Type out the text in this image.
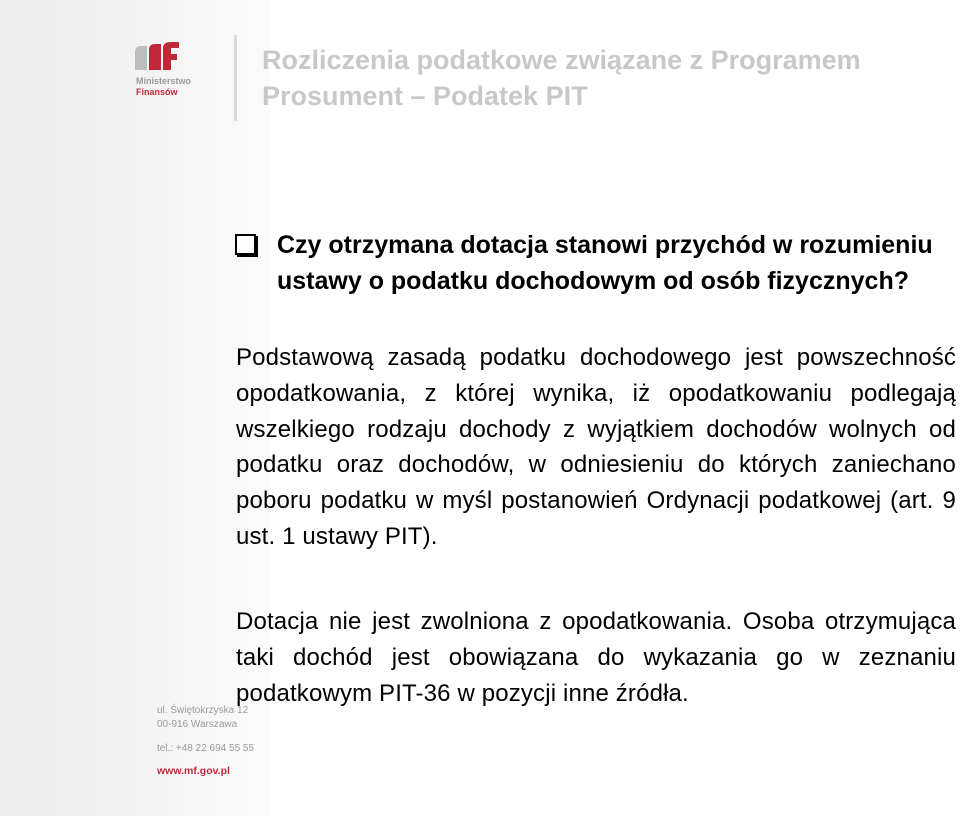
Ministerstwo
Finansów
Rozliczenia podatkowe związane z Programem Prosument – Podatek PIT
Czy otrzymana dotacja stanowi przychód w rozumieniu ustawy o podatku dochodowym od osób fizycznych?

Podstawową zasadą podatku dochodowego jest powszechność opodatkowania, z której wynika, iż opodatkowaniu podlegają wszelkiego rodzaju dochody z wyjątkiem dochodów wolnych od podatku oraz dochodów, w odniesieniu do których zaniechano poboru podatku w myśl postanowień Ordynacji podatkowej (art. 9 ust. 1 ustawy PIT).

Dotacja nie jest zwolniona z opodatkowania. Osoba otrzymująca taki dochód jest obowiązana do wykazania go w zeznaniu podatkowym PIT-36 w pozycji inne źródła.

ul. Świętokrzyska 12
00-916 Warszawa
tel.: +48 22 694 55 55
www.mf.gov.pl
